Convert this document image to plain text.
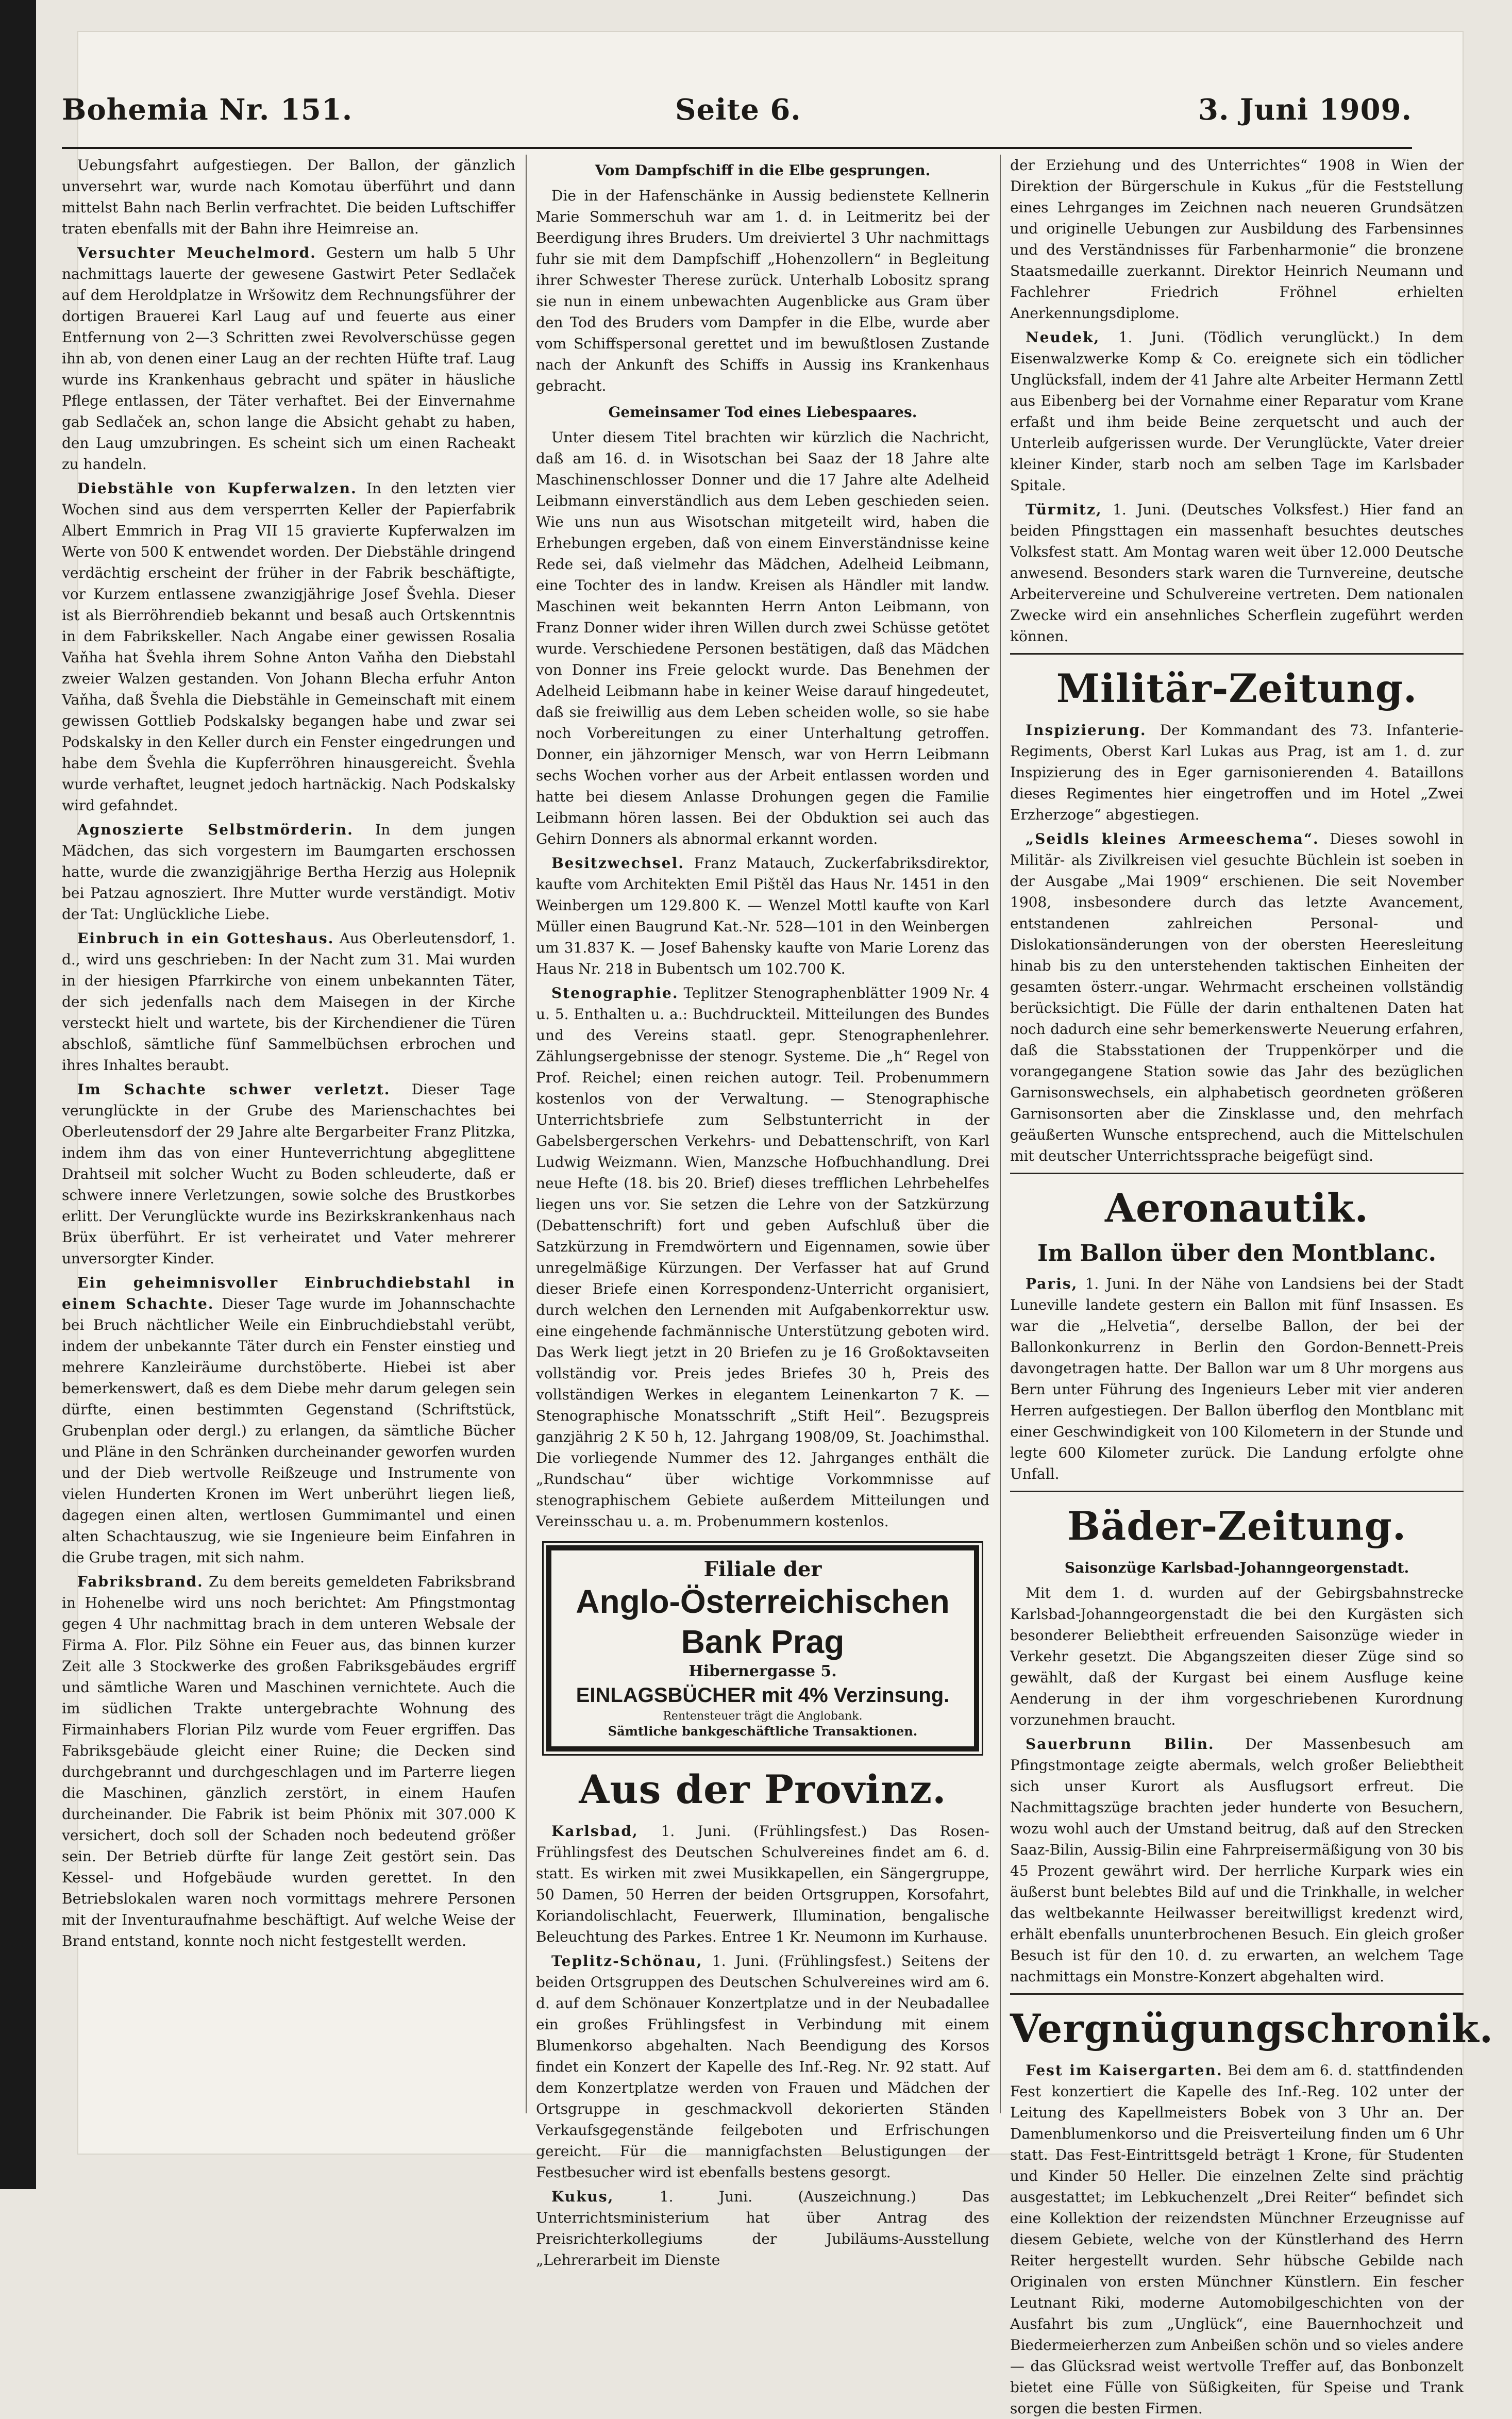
Bohemia Nr. 151.	Seite 6.	3. Juni 1909.

Uebungsfahrt aufgestiegen. Der Ballon, der gänzlich unversehrt war, wurde nach Komotau überführt und dann mittelst Bahn nach Berlin verfrachtet. Die beiden Luftschiffer traten ebenfalls mit der Bahn ihre Heimreise an.

Versuchter Meuchelmord. Gestern um halb 5 Uhr nachmittags lauerte der gewesene Gastwirt Peter Sedlaček auf dem Heroldplatze in Wršowitz dem Rechnungsführer der dortigen Brauerei Karl Laug auf und feuerte aus einer Entfernung von 2—3 Schritten zwei Revolverschüsse gegen ihn ab, von denen einer Laug an der rechten Hüfte traf. Laug wurde ins Krankenhaus gebracht und später in häusliche Pflege entlassen, der Täter verhaftet. Bei der Einvernahme gab Sedlaček an, schon lange die Absicht gehabt zu haben, den Laug umzubringen. Es scheint sich um einen Racheakt zu handeln.

Diebstähle von Kupferwalzen. In den letzten vier Wochen sind aus dem versperrten Keller der Papierfabrik Albert Emmrich in Prag VII 15 gravierte Kupferwalzen im Werte von 500 K entwendet worden. Der Diebstähle dringend verdächtig erscheint der früher in der Fabrik beschäftigte, vor Kurzem entlassene zwanzigjährige Josef Švehla. Dieser ist als Bierröhrendieb bekannt und besaß auch Ortskenntnis in dem Fabrikskeller. Nach Angabe einer gewissen Rosalia Vaňha hat Švehla ihrem Sohne Anton Vaňha den Diebstahl zweier Walzen gestanden. Von Johann Blecha erfuhr Anton Vaňha, daß Švehla die Diebstähle in Gemeinschaft mit einem gewissen Gottlieb Podskalsky begangen habe und zwar sei Podskalsky in den Keller durch ein Fenster eingedrungen und habe dem Švehla die Kupferröhren hinausgereicht. Švehla wurde verhaftet, leugnet jedoch hartnäckig. Nach Podskalsky wird gefahndet.

Agnoszierte Selbstmörderin. In dem jungen Mädchen, das sich vorgestern im Baumgarten erschossen hatte, wurde die zwanzigjährige Bertha Herzig aus Holepnik bei Patzau agnosziert. Ihre Mutter wurde verständigt. Motiv der Tat: Unglückliche Liebe.

Einbruch in ein Gotteshaus. Aus Oberleutensdorf, 1. d., wird uns geschrieben: In der Nacht zum 31. Mai wurden in der hiesigen Pfarrkirche von einem unbekannten Täter, der sich jedenfalls nach dem Maisegen in der Kirche versteckt hielt und wartete, bis der Kirchendiener die Türen abschloß, sämtliche fünf Sammelbüchsen erbrochen und ihres Inhaltes beraubt.

Im Schachte schwer verletzt. Dieser Tage verunglückte in der Grube des Marienschachtes bei Oberleutensdorf der 29 Jahre alte Bergarbeiter Franz Plitzka, indem ihm das von einer Hunteverrichtung abgeglittene Drahtseil mit solcher Wucht zu Boden schleuderte, daß er schwere innere Verletzungen, sowie solche des Brustkorbes erlitt. Der Verunglückte wurde ins Bezirkskrankenhaus nach Brüx überführt. Er ist verheiratet und Vater mehrerer unversorgter Kinder.

Ein geheimnisvoller Einbruchdiebstahl in einem Schachte. Dieser Tage wurde im Johannschachte bei Bruch nächtlicher Weile ein Einbruchdiebstahl verübt, indem der unbekannte Täter durch ein Fenster einstieg und mehrere Kanzleiräume durchstöberte. Hiebei ist aber bemerkenswert, daß es dem Diebe mehr darum gelegen sein dürfte, einen bestimmten Gegenstand (Schriftstück, Grubenplan oder dergl.) zu erlangen, da sämtliche Bücher und Pläne in den Schränken durcheinander geworfen wurden und der Dieb wertvolle Reißzeuge und Instrumente von vielen Hunderten Kronen im Wert unberührt liegen ließ, dagegen einen alten, wertlosen Gummimantel und einen alten Schachtauszug, wie sie Ingenieure beim Einfahren in die Grube tragen, mit sich nahm.

Fabriksbrand. Zu dem bereits gemeldeten Fabriksbrand in Hohenelbe wird uns noch berichtet: Am Pfingstmontag gegen 4 Uhr nachmittag brach in dem unteren Websale der Firma A. Flor. Pilz Söhne ein Feuer aus, das binnen kurzer Zeit alle 3 Stockwerke des großen Fabriksgebäudes ergriff und sämtliche Waren und Maschinen vernichtete. Auch die im südlichen Trakte untergebrachte Wohnung des Firmainhabers Florian Pilz wurde vom Feuer ergriffen. Das Fabriksgebäude gleicht einer Ruine; die Decken sind durchgebrannt und durchgeschlagen und im Parterre liegen die Maschinen, gänzlich zerstört, in einem Haufen durcheinander. Die Fabrik ist beim Phönix mit 307.000 K versichert, doch soll der Schaden noch bedeutend größer sein. Der Betrieb dürfte für lange Zeit gestört sein. Das Kessel- und Hofgebäude wurden gerettet. In den Betriebslokalen waren noch vormittags mehrere Personen mit der Inventuraufnahme beschäftigt. Auf welche Weise der Brand entstand, konnte noch nicht festgestellt werden.

Vom Dampfschiff in die Elbe gesprungen.

Die in der Hafenschänke in Aussig bedienstete Kellnerin Marie Sommerschuh war am 1. d. in Leitmeritz bei der Beerdigung ihres Bruders. Um dreiviertel 3 Uhr nachmittags fuhr sie mit dem Dampfschiff „Hohenzollern“ in Begleitung ihrer Schwester Therese zurück. Unterhalb Lobositz sprang sie nun in einem unbewachten Augenblicke aus Gram über den Tod des Bruders vom Dampfer in die Elbe, wurde aber vom Schiffspersonal gerettet und im bewußtlosen Zustande nach der Ankunft des Schiffs in Aussig ins Krankenhaus gebracht.

Gemeinsamer Tod eines Liebespaares.

Unter diesem Titel brachten wir kürzlich die Nachricht, daß am 16. d. in Wisotschan bei Saaz der 18 Jahre alte Maschinenschlosser Donner und die 17 Jahre alte Adelheid Leibmann einverständlich aus dem Leben geschieden seien. Wie uns nun aus Wisotschan mitgeteilt wird, haben die Erhebungen ergeben, daß von einem Einverständnisse keine Rede sei, daß vielmehr das Mädchen, Adelheid Leibmann, eine Tochter des in landw. Kreisen als Händler mit landw. Maschinen weit bekannten Herrn Anton Leibmann, von Franz Donner wider ihren Willen durch zwei Schüsse getötet wurde. Verschiedene Personen bestätigen, daß das Mädchen von Donner ins Freie gelockt wurde. Das Benehmen der Adelheid Leibmann habe in keiner Weise darauf hingedeutet, daß sie freiwillig aus dem Leben scheiden wolle, so sie habe noch Vorbereitungen zu einer Unterhaltung getroffen. Donner, ein jähzorniger Mensch, war von Herrn Leibmann sechs Wochen vorher aus der Arbeit entlassen worden und hatte bei diesem Anlasse Drohungen gegen die Familie Leibmann hören lassen. Bei der Obduktion sei auch das Gehirn Donners als abnormal erkannt worden.

Besitzwechsel. Franz Matauch, Zuckerfabriksdirektor, kaufte vom Architekten Emil Pištěl das Haus Nr. 1451 in den Weinbergen um 129.800 K. — Wenzel Mottl kaufte von Karl Müller einen Baugrund Kat.-Nr. 528—101 in den Weinbergen um 31.837 K. — Josef Bahensky kaufte von Marie Lorenz das Haus Nr. 218 in Bubentsch um 102.700 K.

Stenographie. Teplitzer Stenographenblätter 1909 Nr. 4 u. 5. Enthalten u. a.: Buchdruckteil. Mitteilungen des Bundes und des Vereins staatl. gepr. Stenographenlehrer. Zählungsergebnisse der stenogr. Systeme. Die „h“ Regel von Prof. Reichel; einen reichen autogr. Teil. Probenummern kostenlos von der Verwaltung. — Stenographische Unterrichtsbriefe zum Selbstunterricht in der Gabelsbergerschen Verkehrs- und Debattenschrift, von Karl Ludwig Weizmann. Wien, Manzsche Hofbuchhandlung. Drei neue Hefte (18. bis 20. Brief) dieses trefflichen Lehrbehelfes liegen uns vor. Sie setzen die Lehre von der Satzkürzung (Debattenschrift) fort und geben Aufschluß über die Satzkürzung in Fremdwörtern und Eigennamen, sowie über unregelmäßige Kürzungen. Der Verfasser hat auf Grund dieser Briefe einen Korrespondenz-Unterricht organisiert, durch welchen den Lernenden mit Aufgabenkorrektur usw. eine eingehende fachmännische Unterstützung geboten wird. Das Werk liegt jetzt in 20 Briefen zu je 16 Großoktavseiten vollständig vor. Preis jedes Briefes 30 h, Preis des vollständigen Werkes in elegantem Leinenkarton 7 K. — Stenographische Monatsschrift „Stift Heil“. Bezugspreis ganzjährig 2 K 50 h, 12. Jahrgang 1908/09, St. Joachimsthal. Die vorliegende Nummer des 12. Jahrganges enthält die „Rundschau“ über wichtige Vorkommnisse auf stenographischem Gebiete außerdem Mitteilungen und Vereinsschau u. a. m. Probenummern kostenlos.

Filiale der
Anglo-Österreichischen Bank Prag
Hibernergasse 5.
EINLAGSBÜCHER mit 4% Verzinsung.
Rentensteuer trägt die Anglobank.
Sämtliche bankgeschäftliche Transaktionen.
Aus der Provinz.

Karlsbad, 1. Juni. (Frühlingsfest.) Das Rosen-Frühlingsfest des Deutschen Schulvereines findet am 6. d. statt. Es wirken mit zwei Musikkapellen, ein Sängergruppe, 50 Damen, 50 Herren der beiden Ortsgruppen, Korsofahrt, Koriandolischlacht, Feuerwerk, Illumination, bengalische Beleuchtung des Parkes. Entree 1 Kr. Neumonn im Kurhause.

Teplitz-Schönau, 1. Juni. (Frühlingsfest.) Seitens der beiden Ortsgruppen des Deutschen Schulvereines wird am 6. d. auf dem Schönauer Konzertplatze und in der Neubadallee ein großes Frühlingsfest in Verbindung mit einem Blumenkorso abgehalten. Nach Beendigung des Korsos findet ein Konzert der Kapelle des Inf.-Reg. Nr. 92 statt. Auf dem Konzertplatze werden von Frauen und Mädchen der Ortsgruppe in geschmackvoll dekorierten Ständen Verkaufsgegenstände feilgeboten und Erfrischungen gereicht. Für die mannigfachsten Belustigungen der Festbesucher wird ist ebenfalls bestens gesorgt.

Kukus,	1. Juni. (Auszeichnung.) Das Unterrichtsministerium hat über Antrag des Preisrichterkollegiums der Jubiläums-Ausstellung „Lehrerarbeit im Dienste

der Erziehung und des Unterrichtes“ 1908 in Wien der Direktion der Bürgerschule in Kukus „für die Feststellung eines Lehrganges im Zeichnen nach neueren Grundsätzen und originelle Uebungen zur Ausbildung des Farbensinnes und des Verständnisses für Farbenharmonie“ die bronzene Staatsmedaille zuerkannt. Direktor Heinrich Neumann und Fachlehrer Friedrich Fröhnel erhielten Anerkennungsdiplome.

Neudek, 1. Juni. (Tödlich verunglückt.) In dem Eisenwalzwerke Komp & Co. ereignete sich ein tödlicher Unglücksfall, indem der 41 Jahre alte Arbeiter Hermann Zettl aus Eibenberg bei der Vornahme einer Reparatur vom Krane erfaßt und ihm beide Beine zerquetscht und auch der Unterleib aufgerissen wurde. Der Verunglückte, Vater dreier kleiner Kinder, starb noch am selben Tage im Karlsbader Spitale.

Türmitz, 1. Juni. (Deutsches Volksfest.) Hier fand an beiden Pfingsttagen ein massenhaft besuchtes deutsches Volksfest statt. Am Montag waren weit über 12.000 Deutsche anwesend. Besonders stark waren die Turnvereine, deutsche Arbeitervereine und Schulvereine vertreten. Dem nationalen Zwecke wird ein ansehnliches Scherflein zugeführt werden können.

Militär-Zeitung.

Inspizierung. Der Kommandant des 73. Infanterie-Regiments, Oberst Karl Lukas aus Prag, ist am 1. d. zur Inspizierung des in Eger garnisonierenden 4. Bataillons dieses Regimentes hier eingetroffen und im Hotel „Zwei Erzherzoge“ abgestiegen.

„Seidls kleines Armeeschema“. Dieses sowohl in Militär- als Zivilkreisen viel gesuchte Büchlein ist soeben in der Ausgabe „Mai 1909“ erschienen. Die seit November 1908, insbesondere durch das letzte Avancement, entstandenen zahlreichen Personal- und Dislokationsänderungen von der obersten Heeresleitung hinab bis zu den unterstehenden taktischen Einheiten der gesamten österr.-ungar. Wehrmacht erscheinen vollständig berücksichtigt. Die Fülle der darin enthaltenen Daten hat noch dadurch eine sehr bemerkenswerte Neuerung erfahren, daß die Stabsstationen der Truppenkörper und die vorangegangene Station sowie das Jahr des bezüglichen Garnisonswechsels, ein alphabetisch geordneten größeren Garnisonsorten aber die Zinsklasse und, den mehrfach geäußerten Wunsche entsprechend, auch die Mittelschulen mit deutscher Unterrichtssprache beigefügt sind.

Aeronautik.
Im Ballon über den Montblanc.

Paris, 1. Juni. In der Nähe von Landsiens bei der Stadt Luneville landete gestern ein Ballon mit fünf Insassen. Es war die „Helvetia“, derselbe Ballon, der bei der Ballonkonkurrenz in Berlin den Gordon-Bennett-Preis davongetragen hatte. Der Ballon war um 8 Uhr morgens aus Bern unter Führung des Ingenieurs Leber mit vier anderen Herren aufgestiegen. Der Ballon überflog den Montblanc mit einer Geschwindigkeit von 100 Kilometern in der Stunde und legte 600 Kilometer zurück. Die Landung erfolgte ohne Unfall.

Bäder-Zeitung.
Saisonzüge Karlsbad-Johanngeorgenstadt.

Mit dem 1. d. wurden auf der Gebirgsbahnstrecke Karlsbad-Johanngeorgenstadt die bei den Kurgästen sich besonderer Beliebtheit erfreuenden Saisonzüge wieder in Verkehr gesetzt. Die Abgangszeiten dieser Züge sind so gewählt, daß der Kurgast bei einem Ausfluge keine Aenderung in der ihm vorgeschriebenen Kurordnung vorzunehmen braucht.

Sauerbrunn Bilin. Der Massenbesuch am Pfingstmontage zeigte abermals, welch großer Beliebtheit sich unser Kurort als Ausflugsort erfreut. Die Nachmittagszüge brachten jeder hunderte von Besuchern, wozu wohl auch der Umstand beitrug, daß auf den Strecken Saaz-Bilin, Aussig-Bilin eine Fahrpreisermäßigung von 30 bis 45 Prozent gewährt wird. Der herrliche Kurpark wies ein äußerst bunt belebtes Bild auf und die Trinkhalle, in welcher das weltbekannte Heilwasser bereitwilligst kredenzt wird, erhält ebenfalls ununterbrochenen Besuch. Ein gleich großer Besuch ist für den 10. d. zu erwarten, an welchem Tage nachmittags ein Monstre-Konzert abgehalten wird.

Vergnügungschronik.

Fest im Kaisergarten. Bei dem am 6. d. stattfindenden Fest konzertiert die Kapelle des Inf.-Reg. 102 unter der Leitung des Kapellmeisters Bobek von 3 Uhr an. Der Damenblumenkorso und die Preisverteilung finden um 6 Uhr statt. Das Fest-Eintrittsgeld beträgt 1 Krone, für Studenten und Kinder 50 Heller. Die einzelnen Zelte sind prächtig ausgestattet; im Lebkuchenzelt „Drei Reiter“ befindet sich eine Kollektion der reizendsten Münchner Erzeugnisse auf diesem Gebiete, welche von der Künstlerhand des Herrn Reiter hergestellt wurden. Sehr hübsche Gebilde nach Originalen von ersten Münchner Künstlern. Ein fescher Leutnant Riki, moderne Automobilgeschichten von der Ausfahrt bis zum „Unglück“, eine Bauernhochzeit und Biedermeierherzen zum Anbeißen schön und so vieles andere — das Glücksrad weist wertvolle Treffer auf, das Bonbonzelt bietet eine Fülle von Süßigkeiten, für Speise und Trank sorgen die besten Firmen.
